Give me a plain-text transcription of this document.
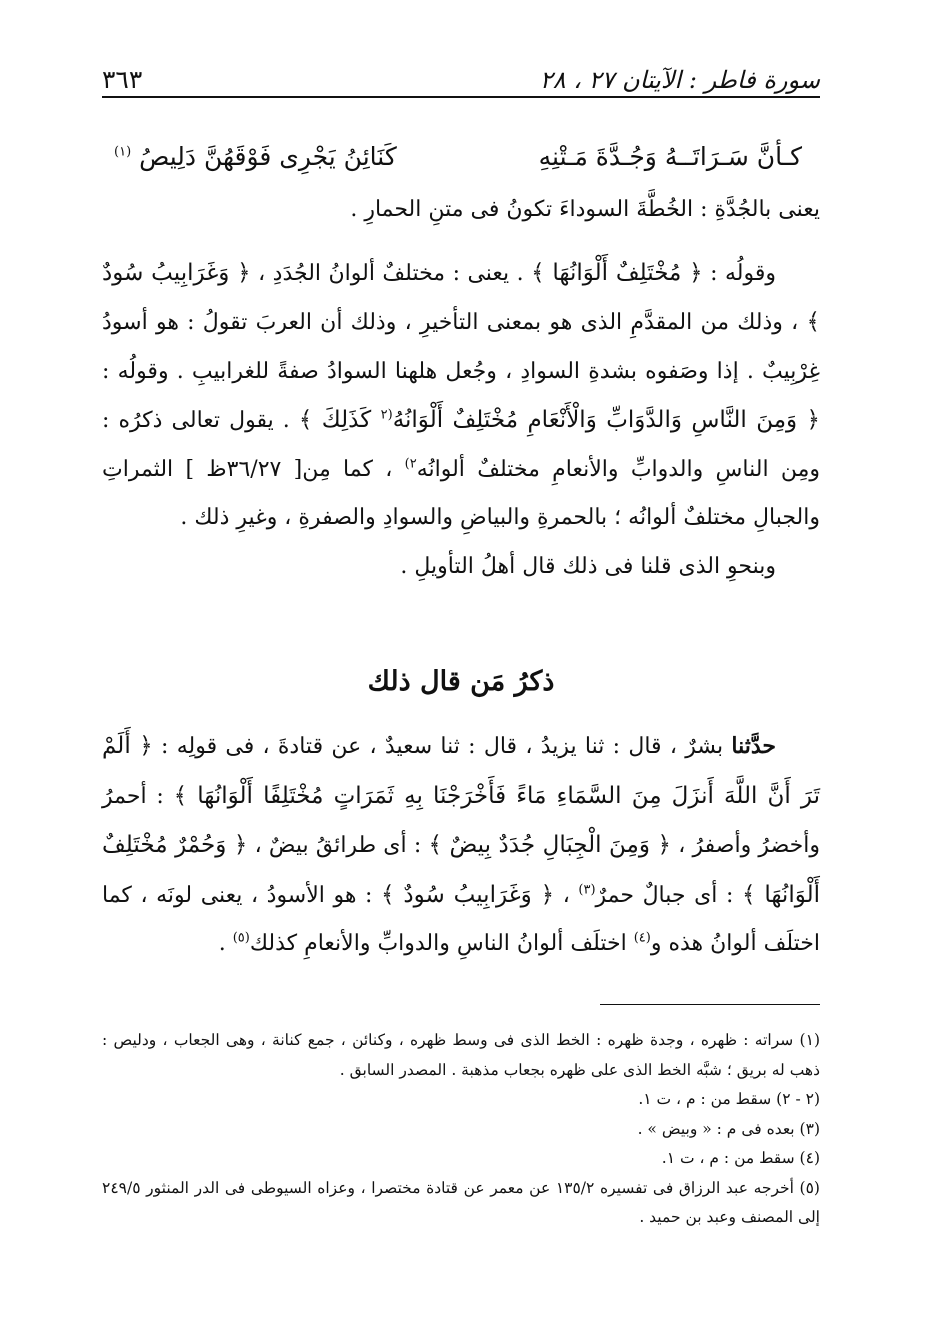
سورة فاطر : الآيتان ٢٧ ، ٢٨
٣٦٣
كـأنَّ سَـرَاتَــهُ وَجُـدَّةَ مَـتْنِهِ
كَنَائِنُ يَجْرِى فَوْقَهُنَّ دَلِيصُ $^{(١)}$

يعنى بالجُدَّةِ : الخُطَّةَ السوداءَ تكونُ فى متنِ الحمارِ .

وقولُه : ﴿ مُخْتَلِفٌ أَلْوَانُهَا ﴾ . يعنى : مختلفٌ ألوانُ الجُدَدِ ، ﴿ وَغَرَابِيبُ سُودٌ ﴾ ، وذلك من المقدَّمِ الذى هو بمعنى التأخيرِ ، وذلك أن العربَ تقولُ : هو أسودُ غِرْبِيبٌ . إذا وصَفوه بشدةِ السوادِ ، وجُعل هلهنا السوادُ صفةً للغرابيبِ . وقولُه : ﴿ وَمِنَ النَّاسِ وَالدَّوَابِّ وَالْأَنْعَامِ مُخْتَلِفٌ أَلْوَانُهُ$^{(٢}$ كَذَلِكَ ﴾ . يقول تعالى ذكرُه : ومِن الناسِ والدوابِّ والأنعامِ مختلفٌ ألوانُه$^{٢)}$ ، كما مِن[ ٣٦/٢٧ظ ] الثمراتِ والجبالِ مختلفٌ ألوانُه ؛ بالحمرةِ والبياضِ والسوادِ والصفرةِ ، وغيرِ ذلك .

وبنحوِ الذى قلنا فى ذلك قال أهلُ التأويلِ .

ذكرُ مَن قال ذلك

حدَّثنا بشرٌ ، قال : ثنا يزيدُ ، قال : ثنا سعيدٌ ، عن قتادةَ ، فى قولِه : ﴿ أَلَمْ تَرَ أَنَّ اللَّهَ أَنزَلَ مِنَ السَّمَاءِ مَاءً فَأَخْرَجْنَا بِهِ ثَمَرَاتٍ مُخْتَلِفًا أَلْوَانُهَا ﴾ : أحمرُ وأخضرُ وأصفرُ ، ﴿ وَمِنَ الْجِبَالِ جُدَدٌ بِيضٌ ﴾ : أى طرائقُ بيضٌ ، ﴿ وَحُمْرٌ مُخْتَلِفٌ أَلْوَانُهَا ﴾ : أى جبالٌ حمرٌ$^{(٣)}$ ، ﴿ وَغَرَابِيبُ سُودٌ ﴾ : هو الأسودُ ، يعنى لونَه ، كما اختلَف ألوانُ هذه و$^{(٤)}$ اختلَف ألوانُ الناسِ والدوابِّ والأنعامِ كذلك$^{(٥)}$ .

(١) سراته : ظهره ، وجدة ظهره : الخط الذى فى وسط ظهره ، وكنائن ، جمع كنانة ، وهى الجعاب ، ودليص : ذهب له بريق ؛ شبَّه الخط الذى على ظهره بجعاب مذهبة . المصدر السابق .

(٢ - ٢) سقط من : م ، ت ١.

(٣) بعده فى م : « وبيض » .

(٤) سقط من : م ، ت ١.

(٥) أخرجه عبد الرزاق فى تفسيره ١٣٥/٢ عن معمر عن قتادة مختصرا ، وعزاه السيوطى فى الدر المنثور ٢٤٩/٥ إلى المصنف وعبد بن حميد .
